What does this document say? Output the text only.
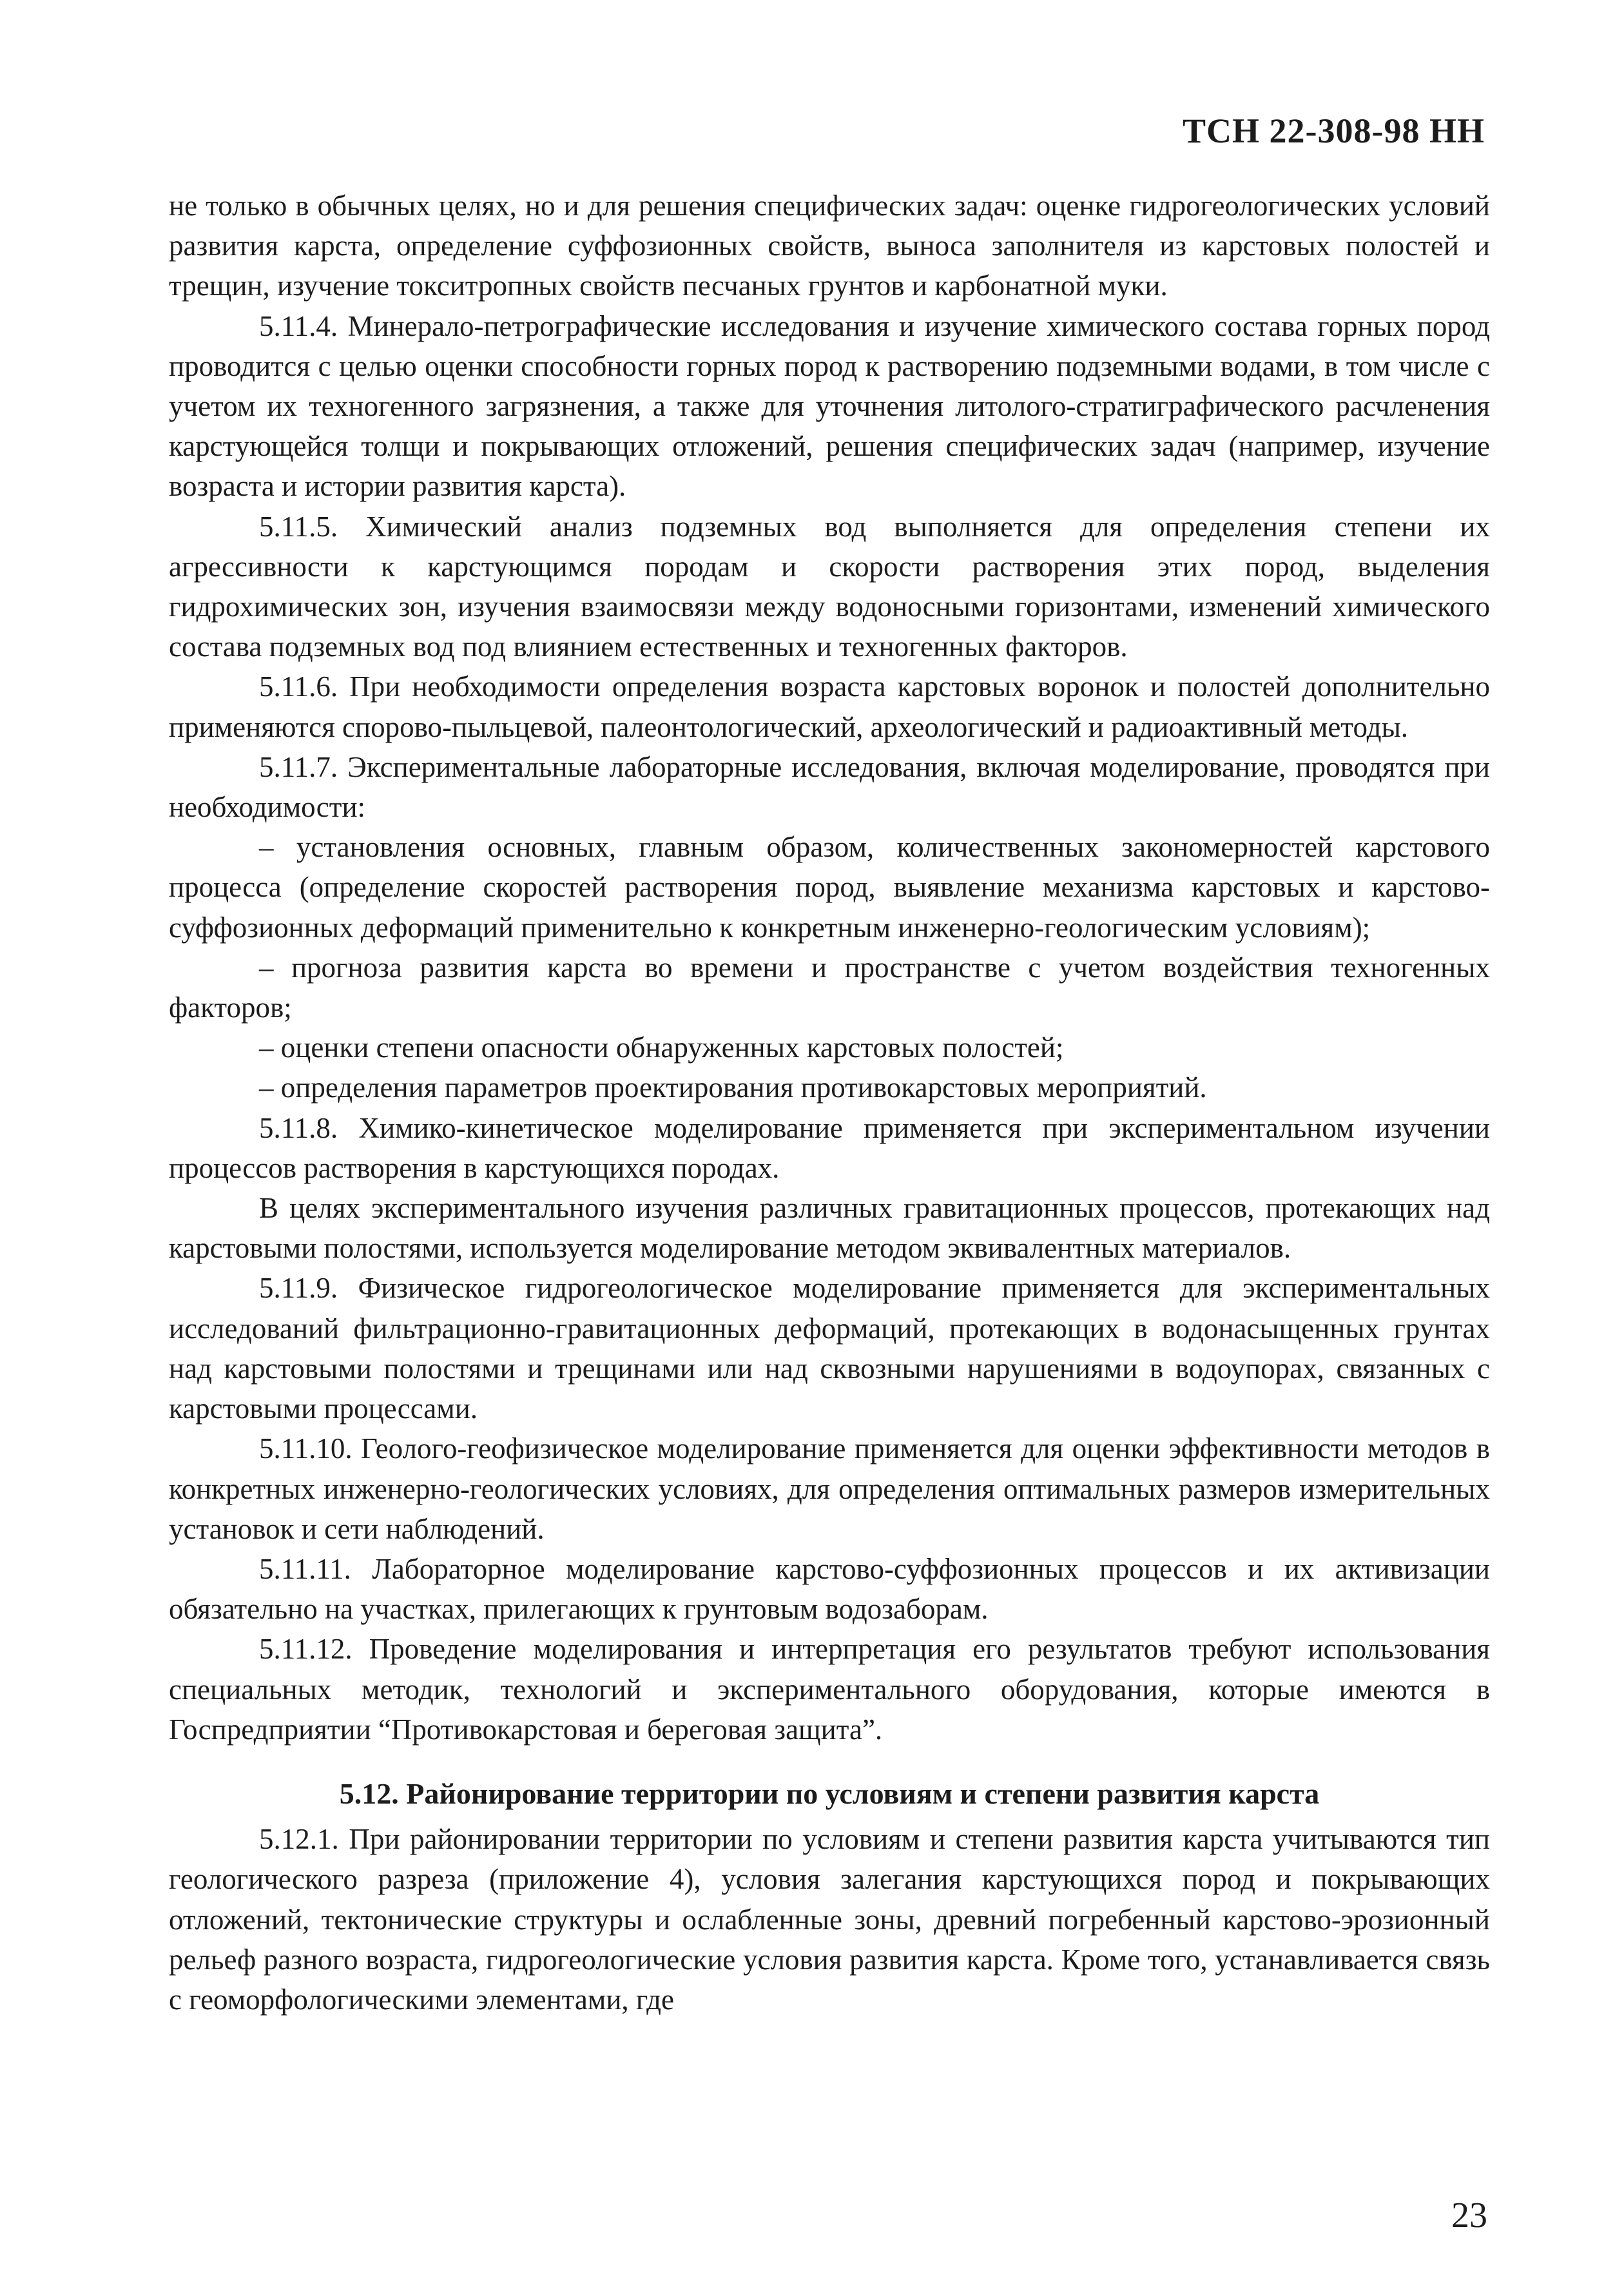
ТСН 22-308-98 НН

не только в обычных целях, но и для решения специфических задач: оценке гидрогеологических условий развития карста, определение суффозионных свойств, выноса заполнителя из карстовых полостей и трещин, изучение токситропных свойств песчаных грунтов и карбонатной муки.

5.11.4. Минерало-петрографические исследования и изучение химического состава горных пород проводится с целью оценки способности горных пород к растворению подземными водами, в том числе с учетом их техногенного загрязнения, а также для уточнения литолого-стратиграфического расчленения карстующейся толщи и покрывающих отложений, решения специфических задач (например, изучение возраста и истории развития карста).

5.11.5. Химический анализ подземных вод выполняется для определения степени их агрессивности к карстующимся породам и скорости растворения этих пород, выделения гидрохимических зон, изучения взаимосвязи между водоносными горизонтами, изменений химического состава подземных вод под влиянием естественных и техногенных факторов.

5.11.6. При необходимости определения возраста карстовых воронок и полостей дополнительно применяются спорово-пыльцевой, палеонтологический, археологический и радиоактивный методы.

5.11.7. Экспериментальные лабораторные исследования, включая моделирование, проводятся при необходимости:

– установления основных, главным образом, количественных закономерностей карстового процесса (определение скоростей растворения пород, выявление механизма карстовых и карстово-суффозионных деформаций применительно к конкретным инженерно-геологическим условиям);

– прогноза развития карста во времени и пространстве с учетом воздействия техногенных факторов;

– оценки степени опасности обнаруженных карстовых полостей;

– определения параметров проектирования противокарстовых мероприятий.

5.11.8. Химико-кинетическое моделирование применяется при экспериментальном изучении процессов растворения в карстующихся породах.

В целях экспериментального изучения различных гравитационных процессов, протекающих над карстовыми полостями, используется моделирование методом эквивалентных материалов.

5.11.9. Физическое гидрогеологическое моделирование применяется для экспериментальных исследований фильтрационно-гравитационных деформаций, протекающих в водонасыщенных грунтах над карстовыми полостями и трещинами или над сквозными нарушениями в водоупорах, связанных с карстовыми процессами.

5.11.10. Геолого-геофизическое моделирование применяется для оценки эффективности методов в конкретных инженерно-геологических условиях, для определения оптимальных размеров измерительных установок и сети наблюдений.

5.11.11. Лабораторное моделирование карстово-суффозионных процессов и их активизации обязательно на участках, прилегающих к грунтовым водозаборам.

5.11.12. Проведение моделирования и интерпретация его результатов требуют использования специальных методик, технологий и экспериментального оборудования, которые имеются в Госпредприятии “Противокарстовая и береговая защита”.

5.12. Районирование территории по условиям и степени развития карста

5.12.1. При районировании территории по условиям и степени развития карста учитываются тип геологического разреза (приложение 4), условия залегания карстующихся пород и покрывающих отложений, тектонические структуры и ослабленные зоны, древний погребенный карстово-эрозионный рельеф разного возраста, гидрогеологические условия развития карста. Кроме того, устанавливается связь с геоморфологическими элементами, где

23
